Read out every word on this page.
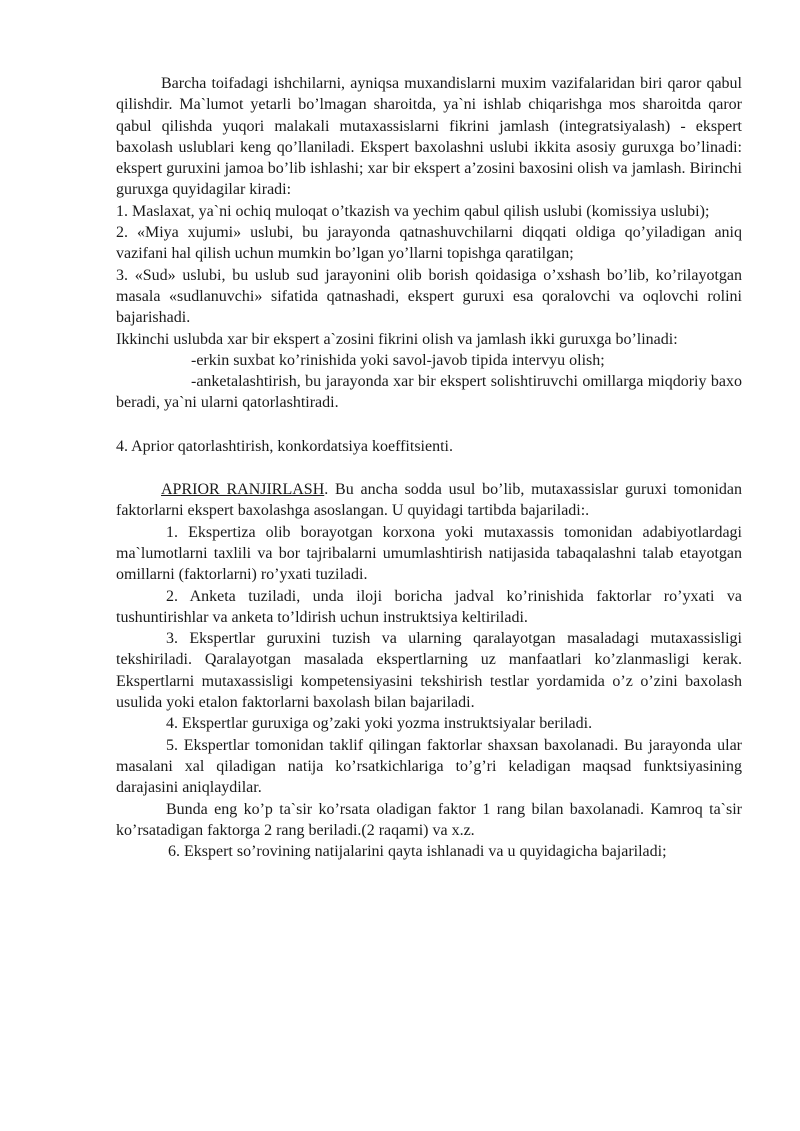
Barcha toifadagi ishchilarni, ayniqsa muxandislarni muxim vazifalaridan biri qaror qabul qilishdir. Ma`lumot yetarli bo’lmagan sharoitda, ya`ni ishlab chiqarishga mos sharoitda qaror qabul qilishda yuqori malakali mutaxassislarni fikrini jamlash (integratsiyalash) - ekspert baxolash uslublari keng qo’llaniladi. Ekspert baxolashni uslubi ikkita asosiy guruxga bo’linadi: ekspert guruxini jamoa bo’lib ishlashi; xar bir ekspert a’zosini baxosini olish va jamlash. Birinchi guruxga quyidagilar kiradi:

1. Maslaxat, ya`ni ochiq muloqat o’tkazish va yechim qabul qilish uslubi (komissiya uslubi);

2. «Miya xujumi» uslubi, bu jarayonda qatnashuvchilarni diqqati oldiga qo’yiladigan aniq vazifani hal qilish uchun mumkin bo’lgan yo’llarni topishga qaratilgan;

3. «Sud» uslubi, bu uslub sud jarayonini olib borish qoidasiga o’xshash bo’lib, ko’rilayotgan masala «sudlanuvchi» sifatida qatnashadi, ekspert guruxi esa qoralovchi va oqlovchi rolini bajarishadi.

Ikkinchi uslubda xar bir ekspert a`zosini fikrini olish va jamlash ikki guruxga bo’linadi:

-erkin suxbat ko’rinishida yoki savol-javob tipida intervyu olish;

-anketalashtirish, bu jarayonda xar bir ekspert solishtiruvchi omillarga miqdoriy baxo beradi, ya`ni ularni qatorlashtiradi.

4. Aprior qatorlashtirish, konkordatsiya koeffitsienti.

APRIOR RANJIRLASH. Bu ancha sodda usul bo’lib, mutaxassislar guruxi tomonidan faktorlarni ekspert baxolashga asoslangan. U quyidagi tartibda bajariladi:.

1. Ekspertiza olib borayotgan korxona yoki mutaxassis tomonidan adabiyotlardagi ma`lumotlarni taxlili va bor tajribalarni umumlashtirish natijasida tabaqalashni talab etayotgan omillarni (faktorlarni) ro’yxati tuziladi.

2. Anketa tuziladi, unda iloji boricha jadval ko’rinishida faktorlar ro’yxati va tushuntirishlar va anketa to’ldirish uchun instruktsiya keltiriladi.

3. Ekspertlar guruxini tuzish va ularning qaralayotgan masaladagi mutaxassisligi tekshiriladi. Qaralayotgan masalada ekspertlarning uz manfaatlari ko’zlanmasligi kerak. Ekspertlarni mutaxassisligi kompetensiyasini tekshirish testlar yordamida o’z o’zini baxolash usulida yoki etalon faktorlarni baxolash bilan bajariladi.

4. Ekspertlar guruxiga og’zaki yoki yozma instruktsiyalar beriladi.

5. Ekspertlar tomonidan taklif qilingan faktorlar shaxsan baxolanadi. Bu jarayonda ular masalani xal qiladigan natija ko’rsatkichlariga to’g’ri keladigan maqsad funktsiyasining darajasini aniqlaydilar.

Bunda eng ko’p ta`sir ko’rsata oladigan faktor 1 rang bilan baxolanadi. Kamroq ta`sir ko’rsatadigan faktorga 2 rang beriladi.(2 raqami) va x.z.

6. Ekspert so’rovining natijalarini qayta ishlanadi va u quyidagicha bajariladi;
